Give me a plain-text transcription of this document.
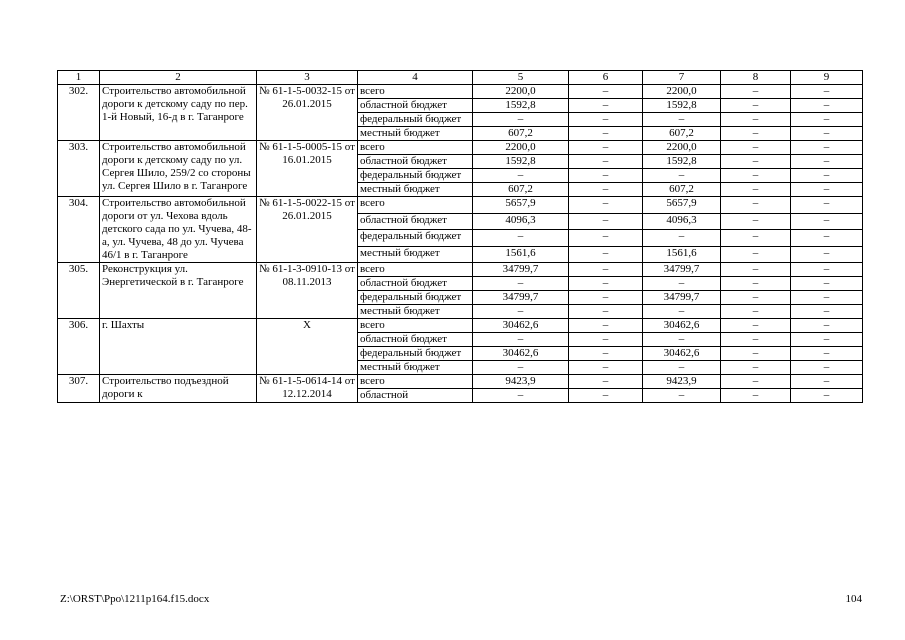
1	2	3	4	5	6	7	8	9
302.	Строительство автомобильной дороги к детскому саду по пер. 1-й Новый, 16-д в г. Таганроге	№ 61-1-5-0032-15 от 26.01.2015	всего	2200,0	–	2200,0	–	–
			областной бюджет	1592,8	–	1592,8	–	–
			федеральный бюджет	–	–	–	–	–
			местный бюджет	607,2	–	607,2	–	–
303.	Строительство автомобильной дороги к детскому саду по ул. Сергея Шило, 259/2 со стороны ул. Сергея Шило в г. Таганроге	№ 61-1-5-0005-15 от 16.01.2015	всего	2200,0	–	2200,0	–	–
			областной бюджет	1592,8	–	1592,8	–	–
			федеральный бюджет	–	–	–	–	–
			местный бюджет	607,2	–	607,2	–	–
304.	Строительство автомобильной дороги от ул. Чехова вдоль детского сада по ул. Чучева, 48-а, ул. Чучева, 48 до ул. Чучева 46/1 в г. Таганроге	№ 61-1-5-0022-15 от 26.01.2015	всего	5657,9	–	5657,9	–	–
			областной бюджет	4096,3	–	4096,3	–	–
			федеральный бюджет	–	–	–	–	–
			местный бюджет	1561,6	–	1561,6	–	–
305.	Реконструкция ул. Энергетической в г. Таганроге	№ 61-1-3-0910-13 от 08.11.2013	всего	34799,7	–	34799,7	–	–
			областной бюджет	–	–	–	–	–
			федеральный бюджет	34799,7	–	34799,7	–	–
			местный бюджет	–	–	–	–	–
306.	г. Шахты	Х	всего	30462,6	–	30462,6	–	–
			областной бюджет	–	–	–	–	–
			федеральный бюджет	30462,6	–	30462,6	–	–
			местный бюджет	–	–	–	–	–
307.	Строительство подъездной дороги к	№ 61-1-5-0614-14 от 12.12.2014	всего	9423,9	–	9423,9	–	–
			областной	–	–	–	–	–
Z:\ORST\Ppo\1211p164.f15.docx	104
